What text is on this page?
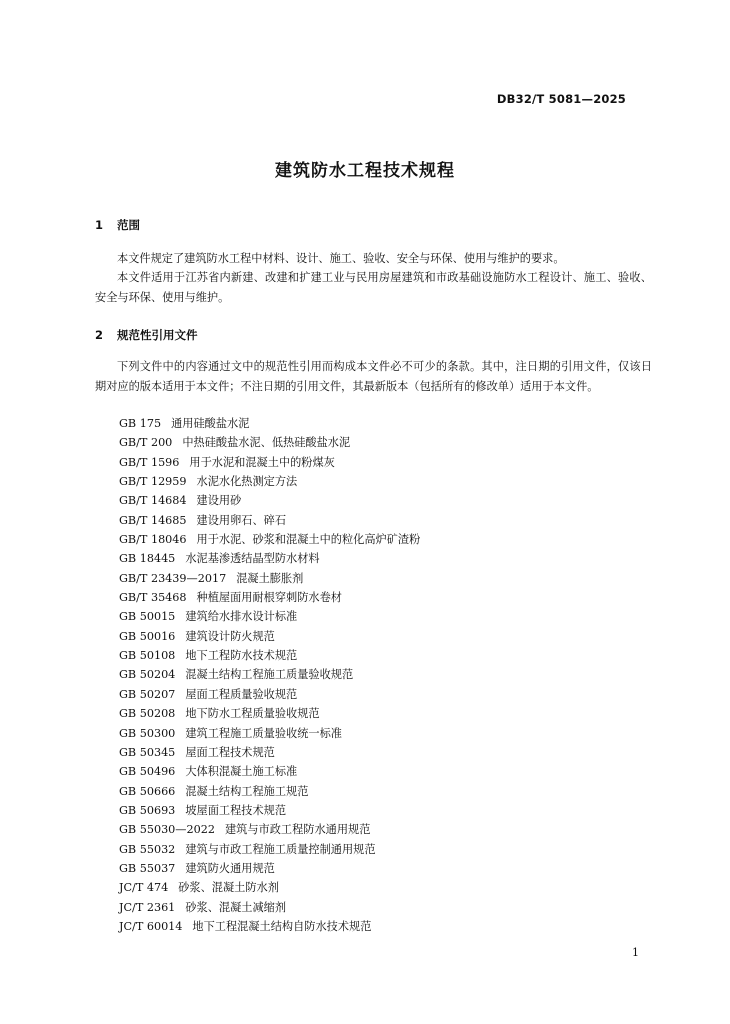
DB32/T 5081—2025
建筑防水工程技术规程
1 范围
本文件规定了建筑防水工程中材料、设计、施工、验收、安全与环保、使用与维护的要求。
本文件适用于江苏省内新建、改建和扩建工业与民用房屋建筑和市政基础设施防水工程设计、施工、验收、安全与环保、使用与维护。
2 规范性引用文件
下列文件中的内容通过文中的规范性引用而构成本文件必不可少的条款。其中，注日期的引用文件，仅该日期对应的版本适用于本文件；不注日期的引用文件，其最新版本（包括所有的修改单）适用于本文件。
GB 175 通用硅酸盐水泥
GB/T 200 中热硅酸盐水泥、低热硅酸盐水泥
GB/T 1596 用于水泥和混凝土中的粉煤灰
GB/T 12959 水泥水化热测定方法
GB/T 14684 建设用砂
GB/T 14685 建设用卵石、碎石
GB/T 18046 用于水泥、砂浆和混凝土中的粒化高炉矿渣粉
GB 18445 水泥基渗透结晶型防水材料
GB/T 23439—2017 混凝土膨胀剂
GB/T 35468 种植屋面用耐根穿刺防水卷材
GB 50015 建筑给水排水设计标准
GB 50016 建筑设计防火规范
GB 50108 地下工程防水技术规范
GB 50204 混凝土结构工程施工质量验收规范
GB 50207 屋面工程质量验收规范
GB 50208 地下防水工程质量验收规范
GB 50300 建筑工程施工质量验收统一标准
GB 50345 屋面工程技术规范
GB 50496 大体积混凝土施工标准
GB 50666 混凝土结构工程施工规范
GB 50693 坡屋面工程技术规范
GB 55030—2022 建筑与市政工程防水通用规范
GB 55032 建筑与市政工程施工质量控制通用规范
GB 55037 建筑防火通用规范
JC/T 474 砂浆、混凝土防水剂
JC/T 2361 砂浆、混凝土减缩剂
JC/T 60014 地下工程混凝土结构自防水技术规范
1
